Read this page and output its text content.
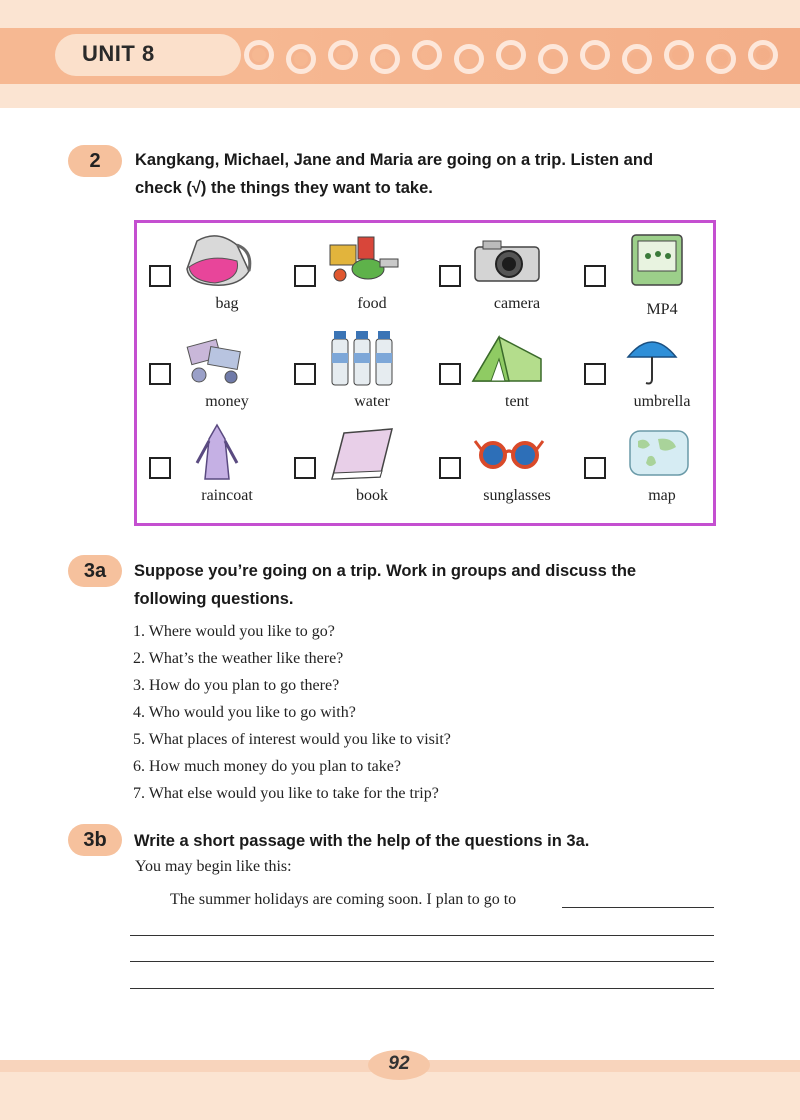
UNIT 8
2	Kangkang, Michael, Jane and Maria are going on a trip. Listen and
check (√) the things they want to take.
bag	food	camera	MP4
money	water	tent	umbrella
raincoat	book	sunglasses	map
3a	Suppose you’re going on a trip. Work in groups and discuss the
following questions.
1. Where would you like to go?
2. What’s the weather like there?
3. How do you plan to go there?
4. Who would you like to go with?
5. What places of interest would you like to visit?
6. How much money do you plan to take?
7. What else would you like to take for the trip?
3b	Write a short passage with the help of the questions in 3a.
You may begin like this:
The summer holidays are coming soon. I plan to go to
92
